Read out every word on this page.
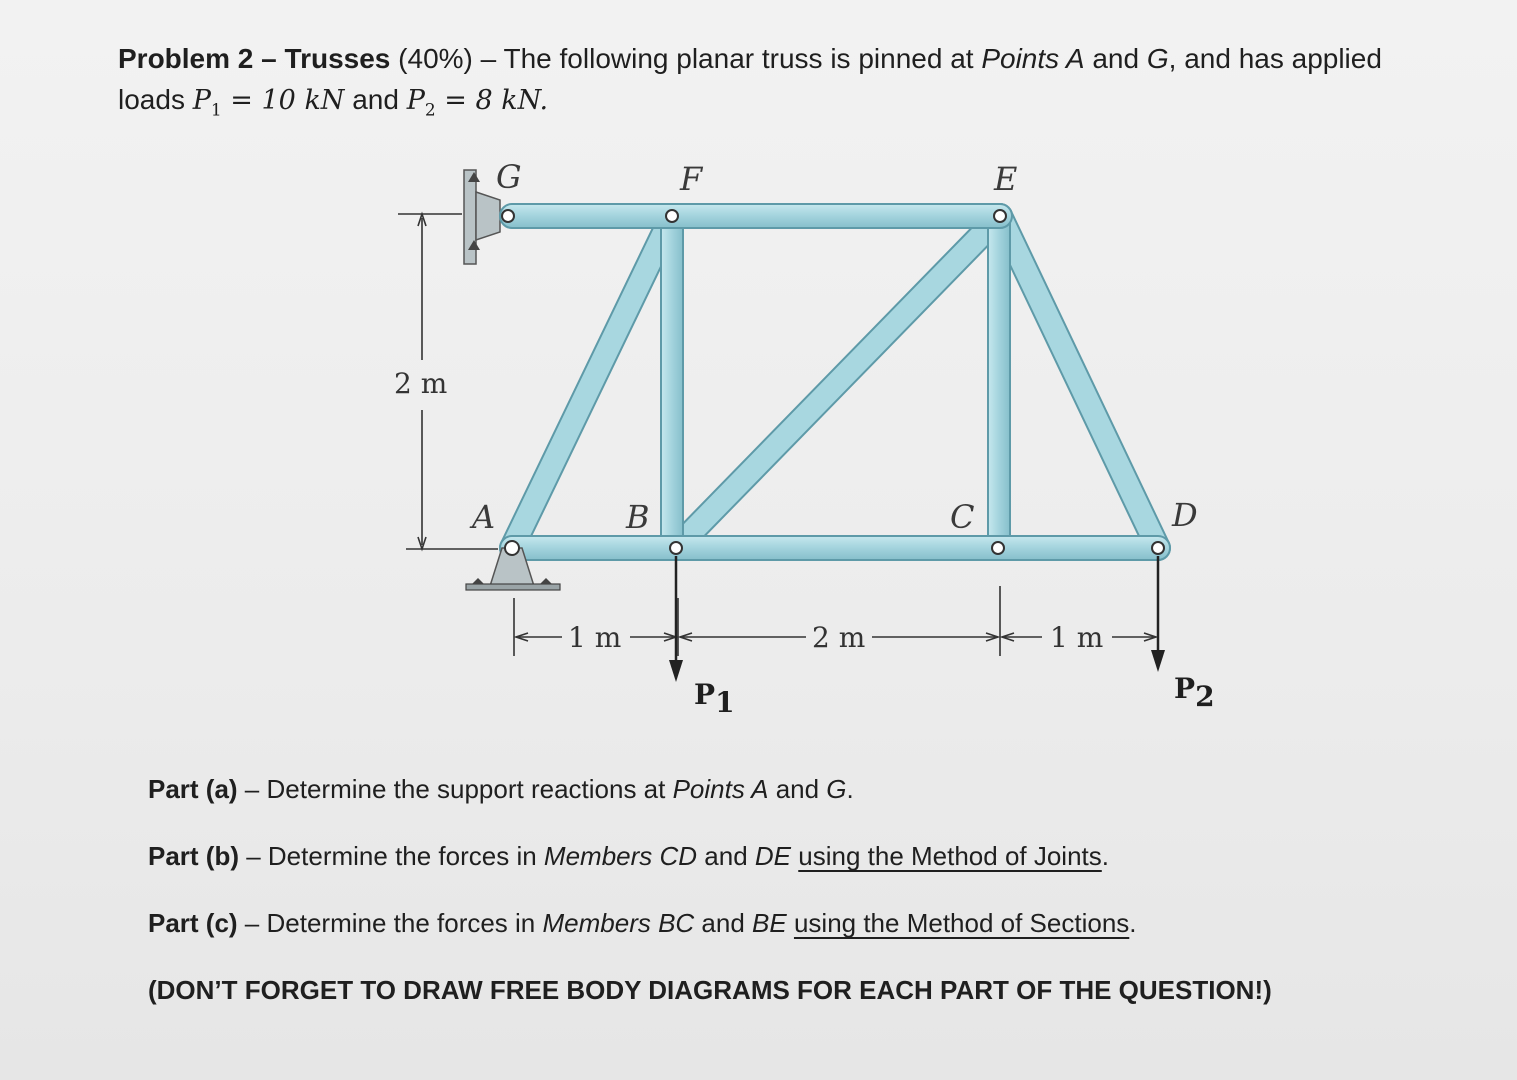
Problem 2 – Trusses (40%) – The following planar truss is pinned at Points A and G, and has applied loads $P_1 = 10$ kN and $P_2 = 8$ kN.
G	F	E
A	B	C	D
2 m
1 m	2 m	1 m
P1	P2
Part (a) – Determine the support reactions at Points A and G.
Part (b) – Determine the forces in Members CD and DE using the Method of Joints.
Part (c) – Determine the forces in Members BC and BE using the Method of Sections.
(DON’T FORGET TO DRAW FREE BODY DIAGRAMS FOR EACH PART OF THE QUESTION!)
